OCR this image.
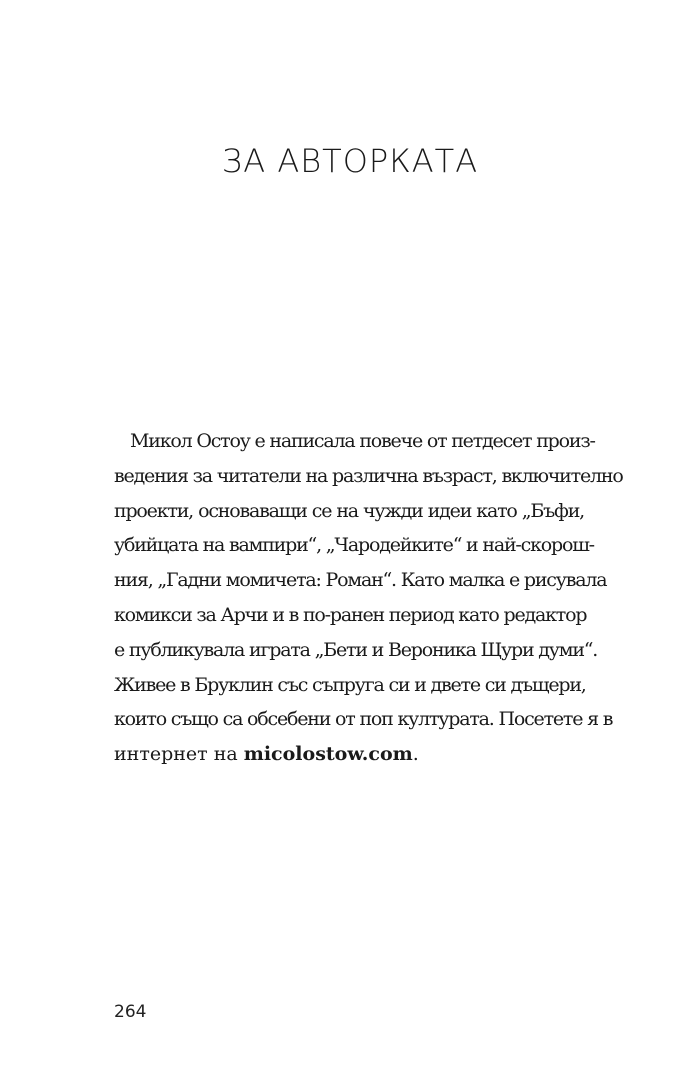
ЗА АВТОРКАТА
Микол Остоу е написала повече от петдесет произ-
ведения за читатели на различна възраст, включително
проекти, основаващи се на чужди идеи като „Бъфи,
убийцата на вампири“, „Чародейките“ и най-скорош-
ния, „Гадни момичета: Роман“. Като малка е рисувала
комикси за Арчи и в по-ранен период като редактор
е публикувала играта „Бети и Вероника Щури думи“.
Живее в Бруклин със съпруга си и двете си дъщери,
които също са обсебени от поп културата. Посетете я в
интернет на micolostow.com.

264
